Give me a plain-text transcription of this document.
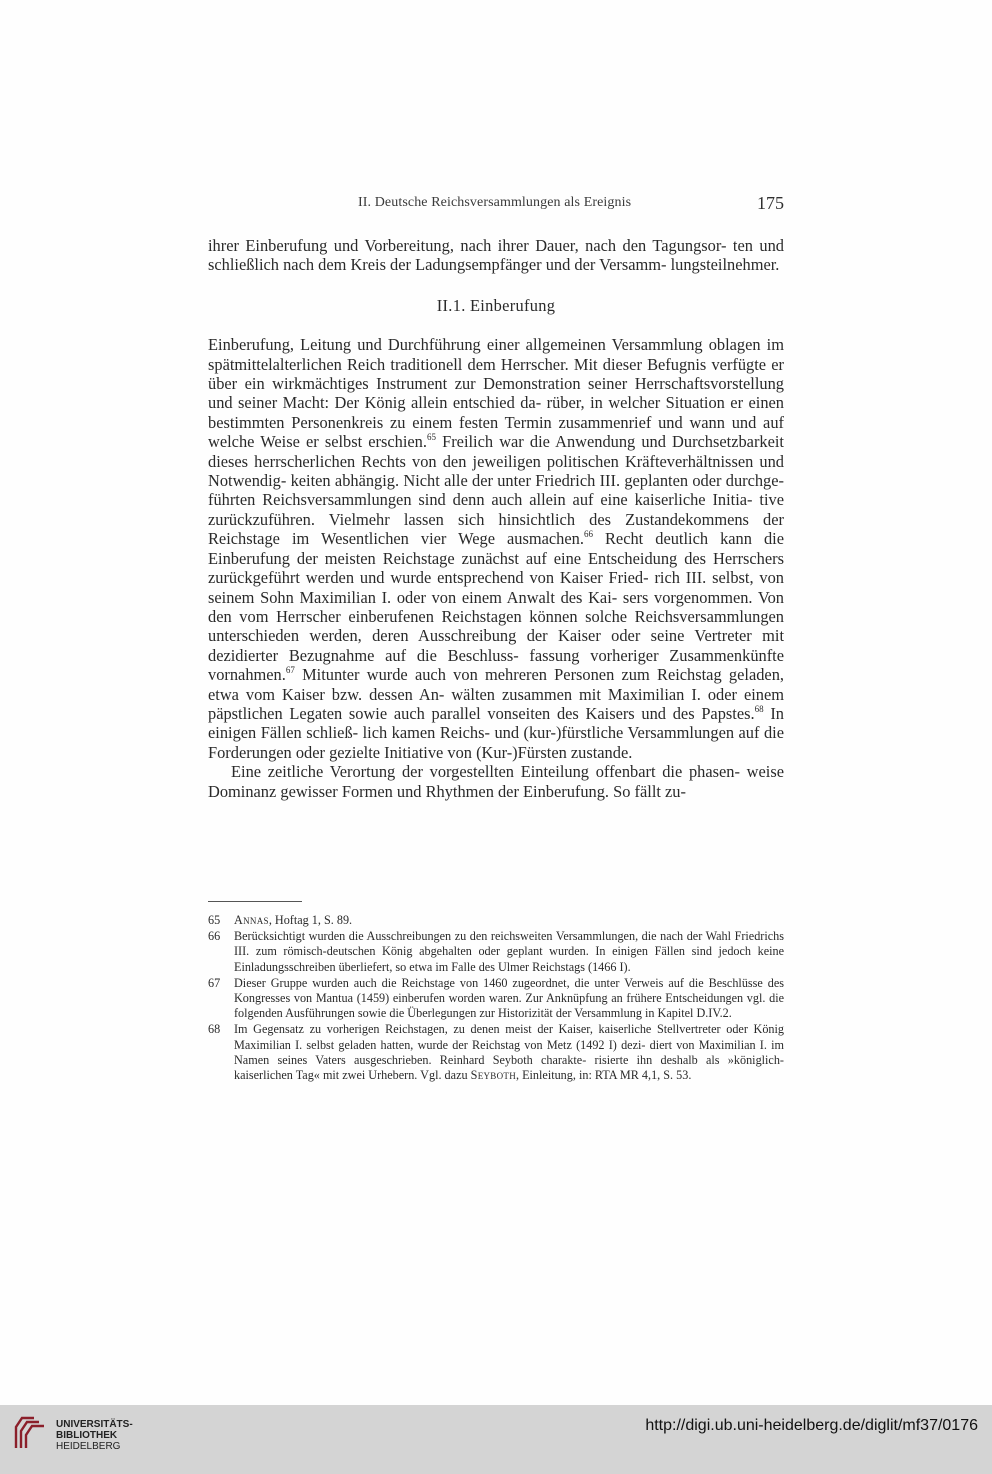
II. Deutsche Reichsversammlungen als Ereignis	175

ihrer Einberufung und Vorbereitung, nach ihrer Dauer, nach den Tagungsor- ten und schließlich nach dem Kreis der Ladungsempfänger und der Versamm- lungsteilnehmer.

II.1. Einberufung

Einberufung, Leitung und Durchführung einer allgemeinen Versammlung oblagen im spätmittelalterlichen Reich traditionell dem Herrscher. Mit dieser Befugnis verfügte er über ein wirkmächtiges Instrument zur Demonstration seiner Herrschaftsvorstellung und seiner Macht: Der König allein entschied da- rüber, in welcher Situation er einen bestimmten Personenkreis zu einem festen Termin zusammenrief und wann und auf welche Weise er selbst erschien.$^{65}$ Freilich war die Anwendung und Durchsetzbarkeit dieses herrscherlichen Rechts von den jeweiligen politischen Kräfteverhältnissen und Notwendig- keiten abhängig. Nicht alle der unter Friedrich III. geplanten oder durchge- führten Reichsversammlungen sind denn auch allein auf eine kaiserliche Initia- tive zurückzuführen. Vielmehr lassen sich hinsichtlich des Zustandekommens der Reichstage im Wesentlichen vier Wege ausmachen.$^{66}$ Recht deutlich kann die Einberufung der meisten Reichstage zunächst auf eine Entscheidung des Herrschers zurückgeführt werden und wurde entsprechend von Kaiser Fried- rich III. selbst, von seinem Sohn Maximilian I. oder von einem Anwalt des Kai- sers vorgenommen. Von den vom Herrscher einberufenen Reichstagen können solche Reichsversammlungen unterschieden werden, deren Ausschreibung der Kaiser oder seine Vertreter mit dezidierter Bezugnahme auf die Beschluss- fassung vorheriger Zusammenkünfte vornahmen.$^{67}$ Mitunter wurde auch von mehreren Personen zum Reichstag geladen, etwa vom Kaiser bzw. dessen An- wälten zusammen mit Maximilian I. oder einem päpstlichen Legaten sowie auch parallel vonseiten des Kaisers und des Papstes.$^{68}$ In einigen Fällen schließ- lich kamen Reichs- und (kur-)fürstliche Versammlungen auf die Forderungen oder gezielte Initiative von (Kur-)Fürsten zustande.

Eine zeitliche Verortung der vorgestellten Einteilung offenbart die phasen- weise Dominanz gewisser Formen und Rhythmen der Einberufung. So fällt zu-

65	Annas, Hoftag 1, S. 89.
66	Berücksichtigt wurden die Ausschreibungen zu den reichsweiten Versammlungen, die nach der Wahl Friedrichs III. zum römisch-deutschen König abgehalten oder geplant wurden. In einigen Fällen sind jedoch keine Einladungsschreiben überliefert, so etwa im Falle des Ulmer Reichstags (1466 I).
67	Dieser Gruppe wurden auch die Reichstage von 1460 zugeordnet, die unter Verweis auf die Beschlüsse des Kongresses von Mantua (1459) einberufen worden waren. Zur Anknüpfung an frühere Entscheidungen vgl. die folgenden Ausführungen sowie die Überlegungen zur Historizität der Versammlung in Kapitel D.IV.2.
68	Im Gegensatz zu vorherigen Reichstagen, zu denen meist der Kaiser, kaiserliche Stellvertreter oder König Maximilian I. selbst geladen hatten, wurde der Reichstag von Metz (1492 I) dezi- diert von Maximilian I. im Namen seines Vaters ausgeschrieben. Reinhard Seyboth charakte- risierte ihn deshalb als »königlich-kaiserlichen Tag« mit zwei Urhebern. Vgl. dazu Seyboth, Einleitung, in: RTA MR 4,1, S. 53.
UNIVERSITÄTS-
BIBLIOTHEK
HEIDELBERG
http://digi.ub.uni-heidelberg.de/diglit/mf37/0176
